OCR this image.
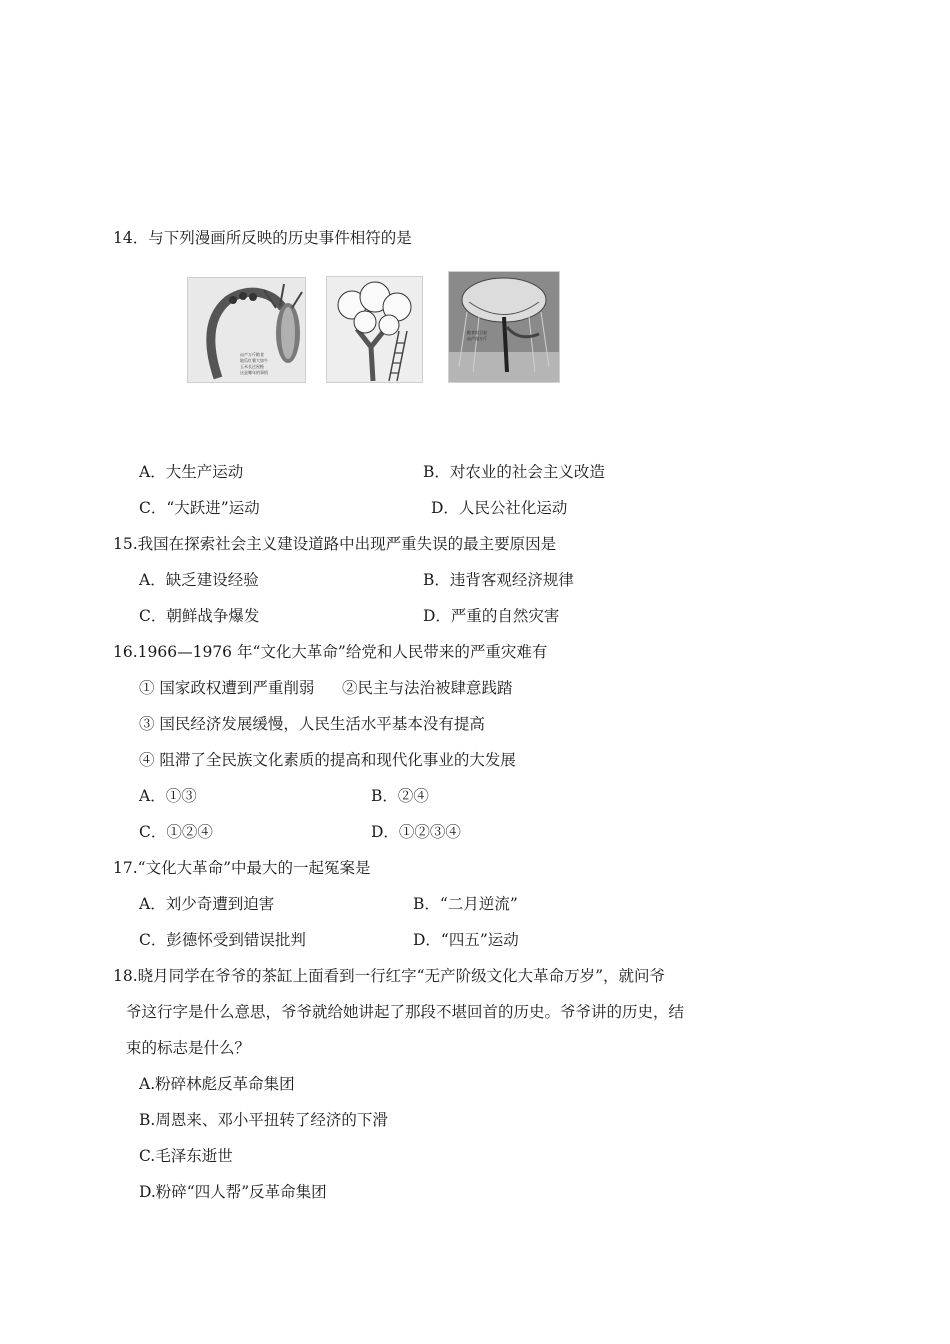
14．与下列漫画所反映的历史事件相符的是
亩产万斤粮食
地瓜红薯大如牛
玉米长过屋檐
这是哪年的事情
粮食放卫星
亩产超万斤
A．大生产运动	B．对农业的社会主义改造
C．“大跃进”运动	D．人民公社化运动
15.我国在探索社会主义建设道路中出现严重失误的最主要原因是
A．缺乏建设经验	B．违背客观经济规律
C．朝鲜战争爆发	D．严重的自然灾害
16.1966—1976 年“文化大革命”给党和人民带来的严重灾难有
① 国家政权遭到严重削弱 ②民主与法治被肆意践踏
③ 国民经济发展缓慢，人民生活水平基本没有提高
④ 阻滞了全民族文化素质的提高和现代化事业的大发展
A．①③	B．②④
C．①②④	D．①②③④
17.“文化大革命”中最大的一起冤案是
A．刘少奇遭到迫害	B．“二月逆流”
C．彭德怀受到错误批判	D．“四五”运动
18.晓月同学在爷爷的茶缸上面看到一行红字“无产阶级文化大革命万岁”，就问爷
爷这行字是什么意思，爷爷就给她讲起了那段不堪回首的历史。爷爷讲的历史，结
束的标志是什么？
A.粉碎林彪反革命集团
B.周恩来、邓小平扭转了经济的下滑
C.毛泽东逝世
D.粉碎“四人帮”反革命集团
